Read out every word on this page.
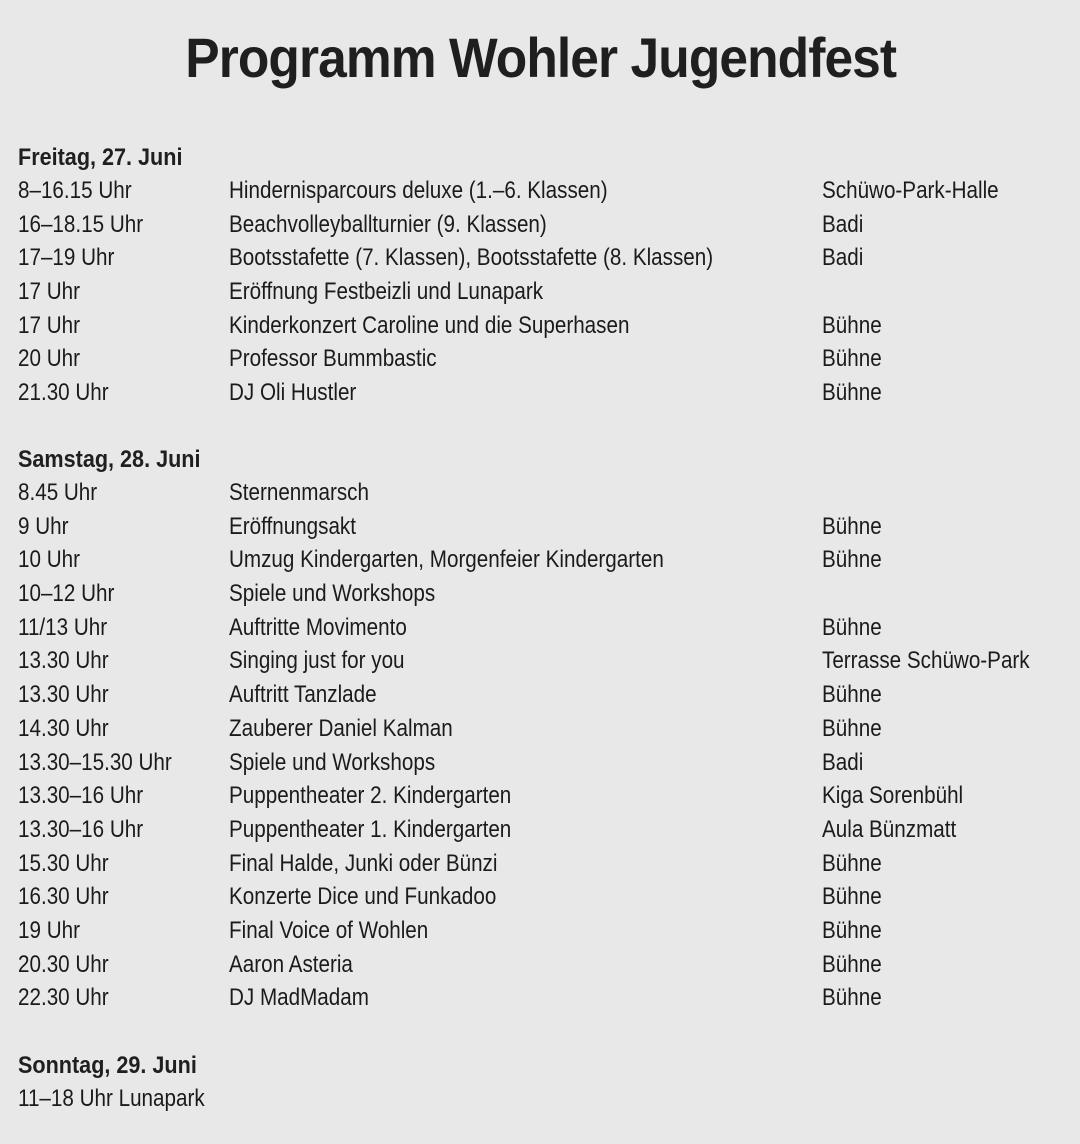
Programm Wohler Jugendfest
Freitag, 27. Juni
8–16.15 Uhr	Hindernisparcours deluxe (1.–6. Klassen)	Schüwo-Park-Halle
16–18.15 Uhr	Beachvolleyballturnier (9. Klassen)	Badi
17–19 Uhr	Bootsstafette (7. Klassen), Bootsstafette (8. Klassen)	Badi
17 Uhr	Eröffnung Festbeizli und Lunapark
17 Uhr	Kinderkonzert Caroline und die Superhasen	Bühne
20 Uhr	Professor Bummbastic	Bühne
21.30 Uhr	DJ Oli Hustler	Bühne
Samstag, 28. Juni
8.45 Uhr	Sternenmarsch
9 Uhr	Eröffnungsakt	Bühne
10 Uhr	Umzug Kindergarten, Morgenfeier Kindergarten	Bühne
10–12 Uhr	Spiele und Workshops
11/13 Uhr	Auftritte Movimento	Bühne
13.30 Uhr	Singing just for you	Terrasse Schüwo-Park
13.30 Uhr	Auftritt Tanzlade	Bühne
14.30 Uhr	Zauberer Daniel Kalman	Bühne
13.30–15.30 Uhr Spiele und Workshops	Badi
13.30–16 Uhr	Puppentheater 2. Kindergarten	Kiga Sorenbühl
13.30–16 Uhr	Puppentheater 1. Kindergarten	Aula Bünzmatt
15.30 Uhr	Final Halde, Junki oder Bünzi	Bühne
16.30 Uhr	Konzerte Dice und Funkadoo	Bühne
19 Uhr	Final Voice of Wohlen	Bühne
20.30 Uhr	Aaron Asteria	Bühne
22.30 Uhr	DJ MadMadam	Bühne
Sonntag, 29. Juni
11–18 Uhr Lunapark
